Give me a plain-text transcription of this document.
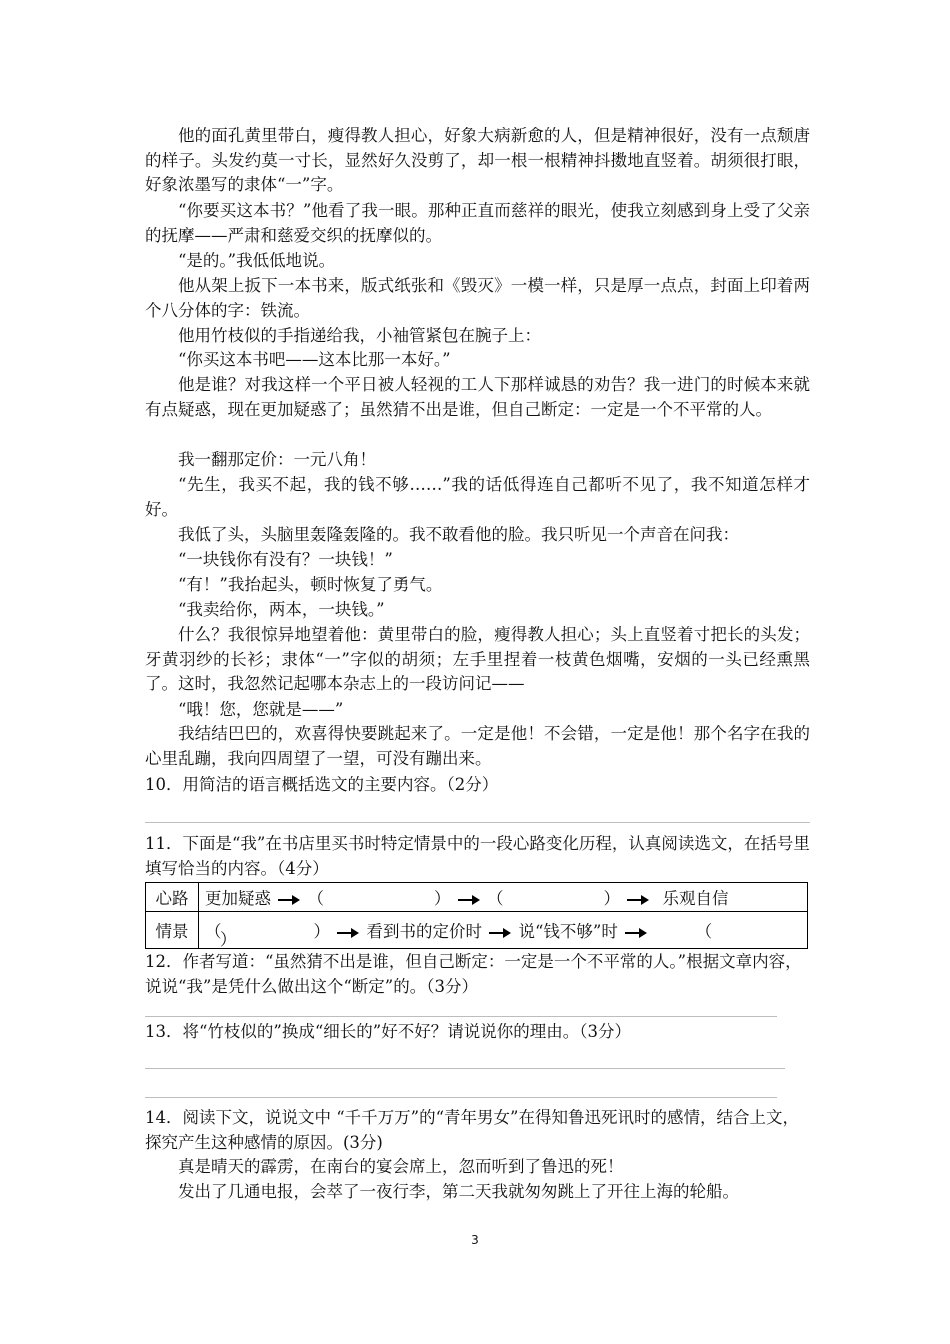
他的面孔黄里带白，瘦得教人担心，好象大病新愈的人，但是精神很好，没有一点颓唐的样子。头发约莫一寸长，显然好久没剪了，却一根一根精神抖擞地直竖着。胡须很打眼，好象浓墨写的隶体“一”字。
“你要买这本书？”他看了我一眼。那种正直而慈祥的眼光，使我立刻感到身上受了父亲的抚摩——严肃和慈爱交织的抚摩似的。
“是的。”我低低地说。
他从架上扳下一本书来，版式纸张和《毁灭》一模一样，只是厚一点点，封面上印着两个八分体的字：铁流。
他用竹枝似的手指递给我，小袖管紧包在腕子上：
“你买这本书吧——这本比那一本好。”
他是谁？对我这样一个平日被人轻视的工人下那样诚恳的劝告？我一进门的时候本来就有点疑惑，现在更加疑惑了；虽然猜不出是谁，但自己断定：一定是一个不平常的人。
我一翻那定价：一元八角！
“先生，我买不起，我的钱不够……”我的话低得连自己都听不见了，我不知道怎样才好。
我低了头，头脑里轰隆轰隆的。我不敢看他的脸。我只听见一个声音在问我：
“一块钱你有没有？一块钱！”
“有！”我抬起头，顿时恢复了勇气。
“我卖给你，两本，一块钱。”
什么？我很惊异地望着他：黄里带白的脸，瘦得教人担心；头上直竖着寸把长的头发；牙黄羽纱的长衫；隶体“一”字似的胡须；左手里捏着一枝黄色烟嘴，安烟的一头已经熏黑了。这时，我忽然记起哪本杂志上的一段访问记——
“哦！您，您就是——”
我结结巴巴的，欢喜得快要跳起来了。一定是他！不会错，一定是他！那个名字在我的心里乱蹦，我向四周望了一望，可没有蹦出来。
10．用简洁的语言概括选文的主要内容。（2分）
11．下面是“我”在书店里买书时特定情景中的一段心路变化历程，认真阅读选文，在括号里填写恰当的内容。（4分）
心路	更加疑惑 （ ） （ ） 乐观自信
情景	（ ） 看到书的定价时 说“钱不够”时 （
）
12．作者写道：“虽然猜不出是谁，但自己断定：一定是一个不平常的人。”根据文章内容，说说“我”是凭什么做出这个“断定”的。（3分）
13．将“竹枝似的”换成“细长的”好不好？请说说你的理由。（3分）
14．阅读下文，说说文中 “千千万万”的“青年男女”在得知鲁迅死讯时的感情，结合上文，探究产生这种感情的原因。(3分)
真是晴天的霹雳，在南台的宴会席上，忽而听到了鲁迅的死！
发出了几通电报，会萃了一夜行李，第二天我就匆匆跳上了开往上海的轮船。
3
